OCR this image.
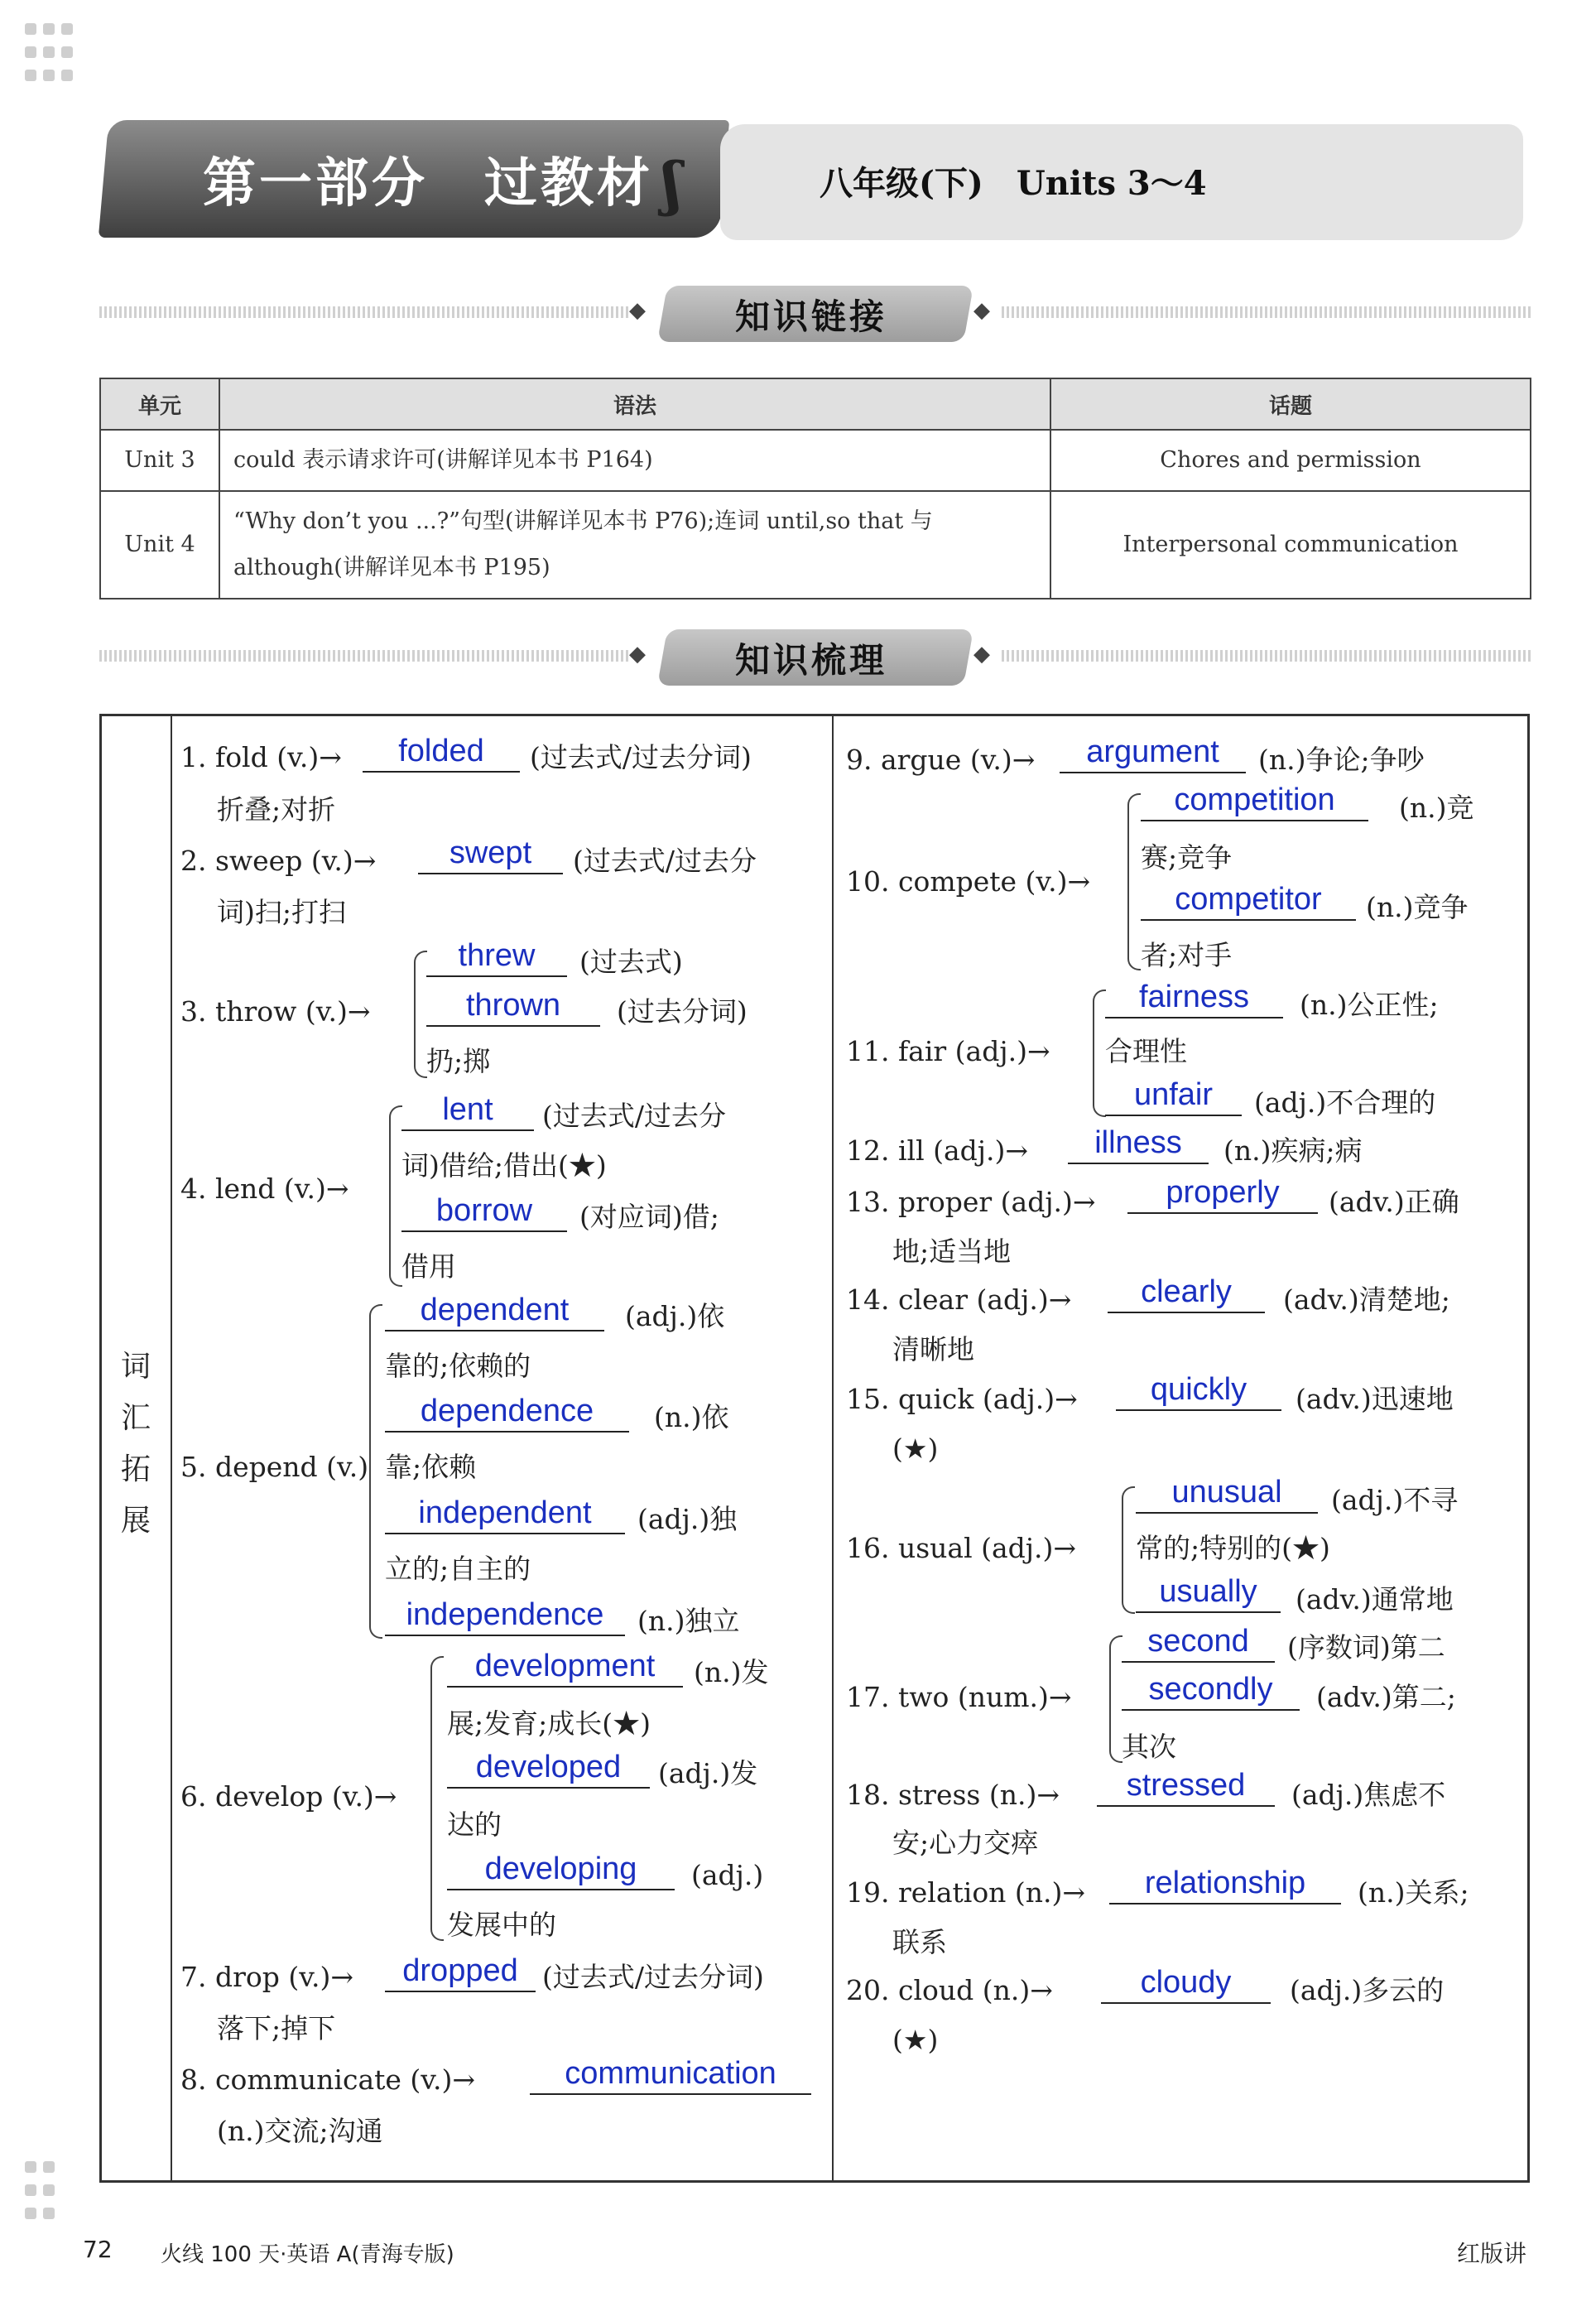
第一部分　过教材 ʃ	八年级(下)　Units 3～4
◆	知识链接	◆
单元	语法	话题
Unit 3	could 表示请求许可(讲解详见本书 P164)	Chores and permission
Unit 4	“Why don’t you ...?”句型(讲解详见本书 P76);连词 until,so that 与
although(讲解详见本书 P195)	Interpersonal communication
◆	知识梳理	◆
词
汇
拓
展
1. fold (v.)→	folded	(过去式/过去分词)
折叠;对折
2. sweep (v.)→	swept	(过去式/过去分
词)扫;打扫
3. throw (v.)→
threw	(过去式)
thrown	(过去分词)
扔;掷
4. lend (v.)→
lent	(过去式/过去分
词)借给;借出(★)
borrow	(对应词)借;
借用
5. depend (v.)
dependent	(adj.)依
靠的;依赖的
dependence	(n.)依
靠;依赖
independent	(adj.)独
立的;自主的
independence	(n.)独立
6. develop (v.)→
development	(n.)发
展;发育;成长(★)
developed	(adj.)发
达的
developing	(adj.)
发展中的
7. drop (v.)→	dropped (过去式/过去分词)
落下;掉下
8. communicate (v.)→	communication
(n.)交流;沟通
9. argue (v.)→	argument	(n.)争论;争吵
10. compete (v.)→
competition	(n.)竞
赛;竞争
competitor	(n.)竞争
者;对手
11. fair (adj.)→
fairness	(n.)公正性;
合理性
unfair	(adj.)不合理的
12. ill (adj.)→	illness	(n.)疾病;病
13. proper (adj.)→	properly	(adv.)正确
地;适当地
14. clear (adj.)→	clearly	(adv.)清楚地;
清晰地
15. quick (adj.)→	quickly	(adv.)迅速地
(★)
16. usual (adj.)→
unusual	(adj.)不寻
常的;特别的(★)
usually	(adv.)通常地
17. two (num.)→
second	(序数词)第二
secondly	(adv.)第二;
其次
18. stress (n.)→	stressed	(adj.)焦虑不
安;心力交瘁
19. relation (n.)→	relationship	(n.)关系;
联系
20. cloud (n.)→	cloudy	(adj.)多云的
(★)
72 火线 100 天·英语 A(青海专版)	红版讲
